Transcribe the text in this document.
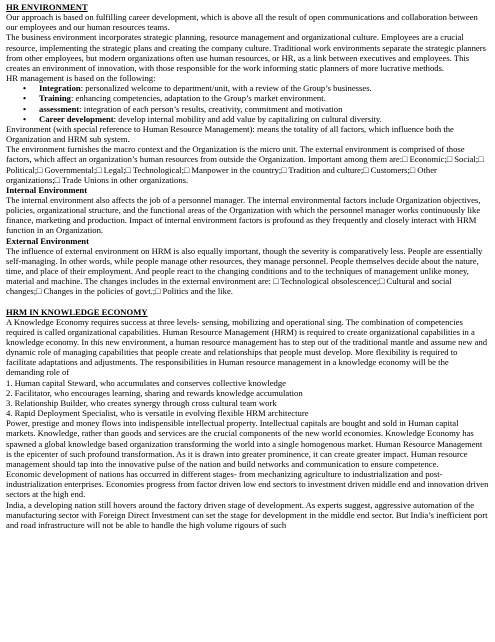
HR ENVIRONMENT

Our approach is based on fulfilling career development, which is above all the result of open communications and collaboration between our employees and our human resources teams.

The business environment incorporates strategic planning, resource management and organizational culture. Employees are a crucial resource, implementing the strategic plans and creating the company culture. Traditional work environments separate the strategic planners from other employees, but modern organizations often use human resources, or HR, as a link between executives and employees. This creates an environment of innovation, with those responsible for the work informing static planners of more lucrative methods.

HR management is based on the following:

• Integration: personalized welcome to department/unit, with a review of the Group’s businesses.
• Training: enhancing competencies, adaptation to the Group’s market environment.
• assessment: integration of each person’s results, creativity, commitment and motivation
• Career development: develop internal mobility and add value by capitalizing on cultural diversity.

Environment (with special reference to Human Resource Management): means the totality of all factors, which influence both the Organization and HRM sub system.

The environment furnishes the macro context and the Organization is the micro unit. The external environment is comprised of those factors, which affect an organization’s human resources from outside the Organization. Important among them are:□ Economic;□ Social;□ Political;□ Governmental;□ Legal;□ Technological;□ Manpower in the country;□ Tradition and culture;□ Customers;□ Other organizations;□ Trade Unions in other organizations.

Internal Environment

The internal environment also affects the job of a personnel manager. The internal environmental factors include Organization objectives, policies, organizational structure, and the functional areas of the Organization with which the personnel manager works continuously like finance, marketing and production. Impact of internal environment factors is profound as they frequently and closely interact with HRM function in an Organization.

External Environment

The influence of external environment on HRM is also equally important, though the severity is comparatively less. People are essentially self-managing. In other words, while people manage other resources, they manage personnel. People themselves decide about the nature, time, and place of their employment. And people react to the changing conditions and to the techniques of management unlike money, material and machine. The changes includes in the external environment are: □ Technological obsolescence;□ Cultural and social changes;□ Changes in the policies of govt.;□ Politics and the like.

HRM IN KNOWLEDGE ECONOMY

A Knowledge Economy requires success at three levels- sensing, mobilizing and operational sing. The combination of competencies required is called organizational capabilities. Human Resource Management (HRM) is required to create organizational capabilities in a knowledge economy. In this new environment, a human resource management has to step out of the traditional mantle and assume new and dynamic role of managing capabilities that people create and relationships that people must develop. More flexibility is required to facilitate adaptations and adjustments. The responsibilities in Human resource management in a knowledge economy will be the demanding role of

1. Human capital Steward, who accumulates and conserves collective knowledge

2. Facilitator, who encourages learning, sharing and rewards knowledge accumulation

3. Relationship Builder, who creates synergy through cross cultural team work

4. Rapid Deployment Specialist, who is versatile in evolving flexible HRM architecture

Power, prestige and money flows into indispensible intellectual property. Intellectual capitals are bought and sold in Human capital markets. Knowledge, rather than goods and services are the crucial components of the new world economies. Knowledge Economy has spawned a global knowledge based organization transforming the world into a single homogenous market. Human Resource Management is the epicenter of such profound transformation. As it is drawn into greater prominence, it can create greater impact. Human resource management should tap into the innovative pulse of the nation and build networks and communication to ensure competence.

Economic development of nations has occurred in different stages- from mechanizing agriculture to industrialization and post-industrialization enterprises. Economies progress from factor driven low end sectors to investment driven middle end and innovation driven sectors at the high end.

India, a developing nation still hovers around the factory driven stage of development. As experts suggest, aggressive automation of the manufacturing sector with Foreign Direct Investment can set the stage for development in the middle end sector. But India’s inefficient port and road infrastructure will not be able to handle the high volume rigours of such
